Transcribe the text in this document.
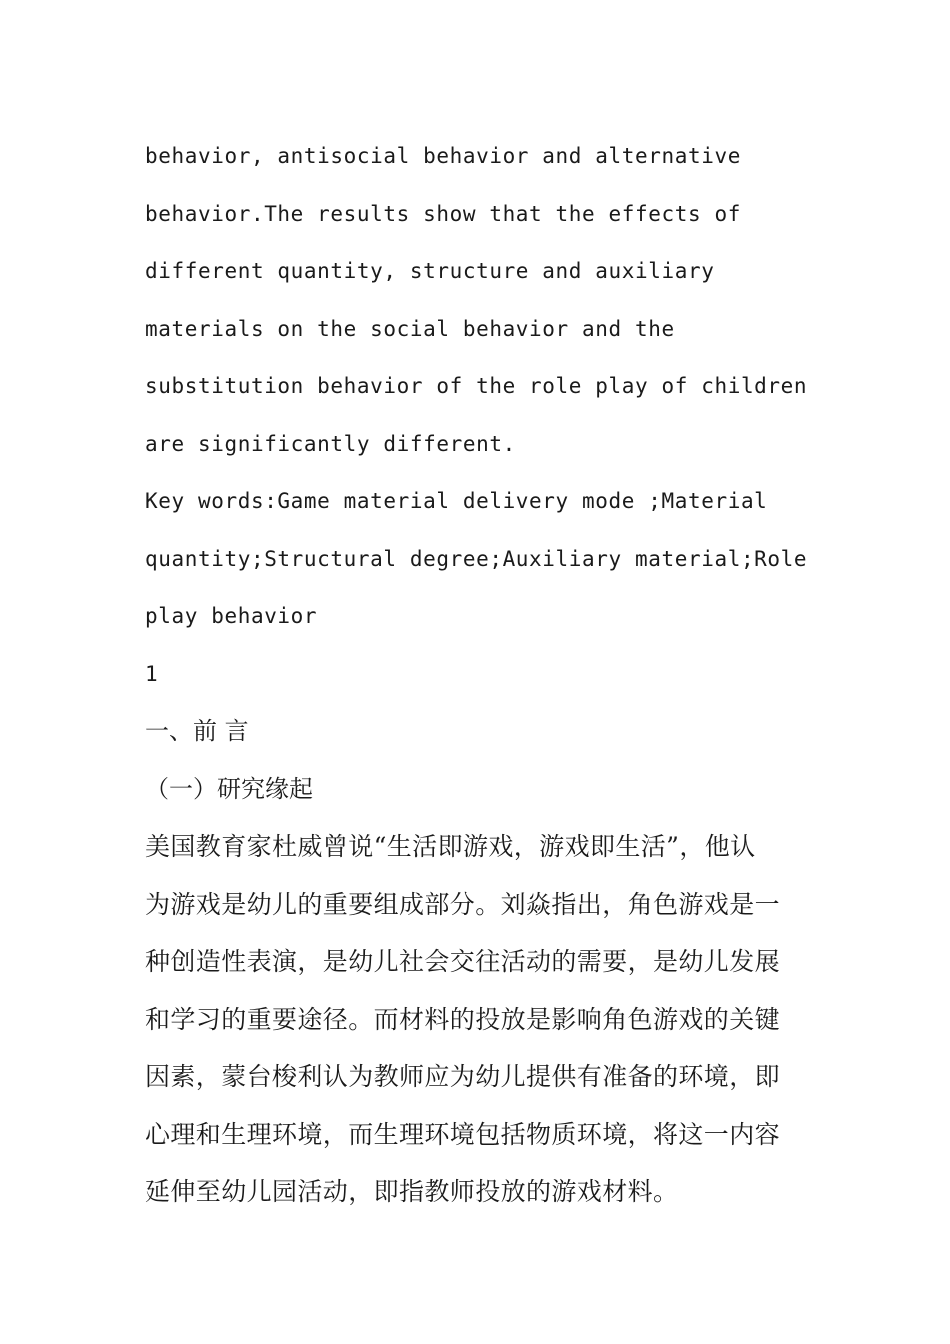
behavior, antisocial behavior and alternative
behavior.The results show that the effects of
different quantity, structure and auxiliary
materials on the social behavior and the
substitution behavior of the role play of children
are significantly different.
Key words:Game material delivery mode ;Material
quantity;Structural degree;Auxiliary material;Role
play behavior
1
一、前 言
（一）研究缘起
美国教育家杜威曾说“生活即游戏，游戏即生活”，他认
为游戏是幼儿的重要组成部分。刘焱指出，角色游戏是一
种创造性表演，是幼儿社会交往活动的需要，是幼儿发展
和学习的重要途径。而材料的投放是影响角色游戏的关键
因素，蒙台梭利认为教师应为幼儿提供有准备的环境，即
心理和生理环境，而生理环境包括物质环境，将这一内容
延伸至幼儿园活动，即指教师投放的游戏材料。
